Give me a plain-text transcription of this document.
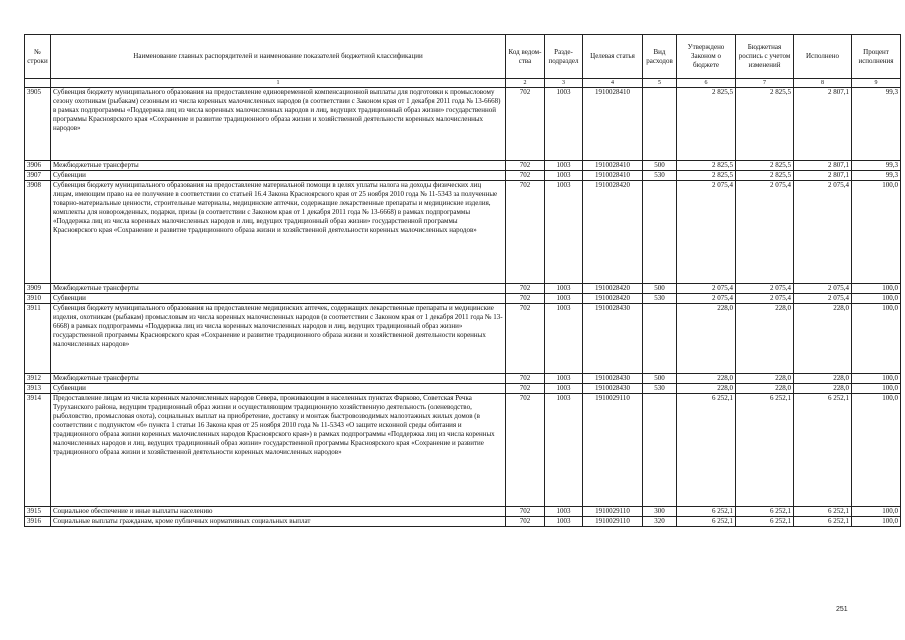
№ строки	Наименование главных распорядителей и наименование показателей бюджетной классификации	Код ведом-ства	Разде-подраздел	Целевая статья	Вид расходов	Утверждено Законом о бюджете	Бюджетная роспись с учетом изменений	Исполнено	Процент исполнения
	1	2	3	4	5	6	7	8	9
3905	Субвенция бюджету муниципального образования на предоставление единовременной компенсационной выплаты для подготовки к промысловому сезону охотникам (рыбакам) сезонным из числа коренных малочисленных народов (в соответствии с Законом края от 1 декабря 2011 года № 13-6668) в рамках подпрограммы «Поддержка лиц из числа коренных малочисленных народов и лиц, ведущих традиционный образ жизни» государственной программы Красноярского края «Сохранение и развитие традиционного образа жизни и хозяйственной деятельности коренных малочисленных народов»	702	1003	1910028410		2 825,5	2 825,5	2 807,1	99,3
3906	Межбюджетные трансферты	702	1003	1910028410	500	2 825,5	2 825,5	2 807,1	99,3
3907	Субвенции	702	1003	1910028410	530	2 825,5	2 825,5	2 807,1	99,3
3908	Субвенция бюджету муниципального образования на предоставление материальной помощи в целях уплаты налога на доходы физических лиц лицам, имеющим право на ее получение в соответствии со статьей 16.4 Закона Красноярского края от 25 ноября 2010 года № 11-5343 за полученные товарно-материальные ценности, строительные материалы, медицинские аптечки, содержащие лекарственные препараты и медицинские изделия, комплекты для новорожденных, подарки, призы (в соответствии с Законом края от 1 декабря 2011 года № 13-6668) в рамках подпрограммы «Поддержка лиц из числа коренных малочисленных народов и лиц, ведущих традиционный образ жизни» государственной программы Красноярского края «Сохранение и развитие традиционного образа жизни и хозяйственной деятельности коренных малочисленных народов»	702	1003	1910028420		2 075,4	2 075,4	2 075,4	100,0
3909	Межбюджетные трансферты	702	1003	1910028420	500	2 075,4	2 075,4	2 075,4	100,0
3910	Субвенции	702	1003	1910028420	530	2 075,4	2 075,4	2 075,4	100,0
3911	Субвенция бюджету муниципального образования на предоставление медицинских аптечек, содержащих лекарственные препараты и медицинские изделия, охотникам (рыбакам) промысловым из числа коренных малочисленных народов (в соответствии с Законом края от 1 декабря 2011 года № 13-6668) в рамках подпрограммы «Поддержка лиц из числа коренных малочисленных народов и лиц, ведущих традиционный образ жизни» государственной программы Красноярского края «Сохранение и развитие традиционного образа жизни и хозяйственной деятельности коренных малочисленных народов»	702	1003	1910028430		228,0	228,0	228,0	100,0
3912	Межбюджетные трансферты	702	1003	1910028430	500	228,0	228,0	228,0	100,0
3913	Субвенции	702	1003	1910028430	530	228,0	228,0	228,0	100,0
3914	Предоставление лицам из числа коренных малочисленных народов Севера, проживающим в населенных пунктах Фарково, Советская Речка Туруханского района, ведущим традиционный образ жизни и осуществляющим традиционную хозяйственную деятельность (оленеводство, рыболовство, промысловая охота), социальных выплат на приобретение, доставку и монтаж быстровозводимых малоэтажных жилых домов (в соответствии с подпунктом «б» пункта 1 статьи 16 Закона края от 25 ноября 2010 года № 11-5343 «О защите исконной среды обитания и традиционного образа жизни коренных малочисленных народов Красноярского края») в рамках подпрограммы «Поддержка лиц из числа коренных малочисленных народов и лиц, ведущих традиционный образ жизни» государственной программы Красноярского края «Сохранение и развитие традиционного образа жизни и хозяйственной деятельности коренных малочисленных народов»	702	1003	1910029110		6 252,1	6 252,1	6 252,1	100,0
3915	Социальное обеспечение и иные выплаты населению	702	1003	1910029110	300	6 252,1	6 252,1	6 252,1	100,0
3916	Социальные выплаты гражданам, кроме публичных нормативных социальных выплат	702	1003	1910029110	320	6 252,1	6 252,1	6 252,1	100,0
251
